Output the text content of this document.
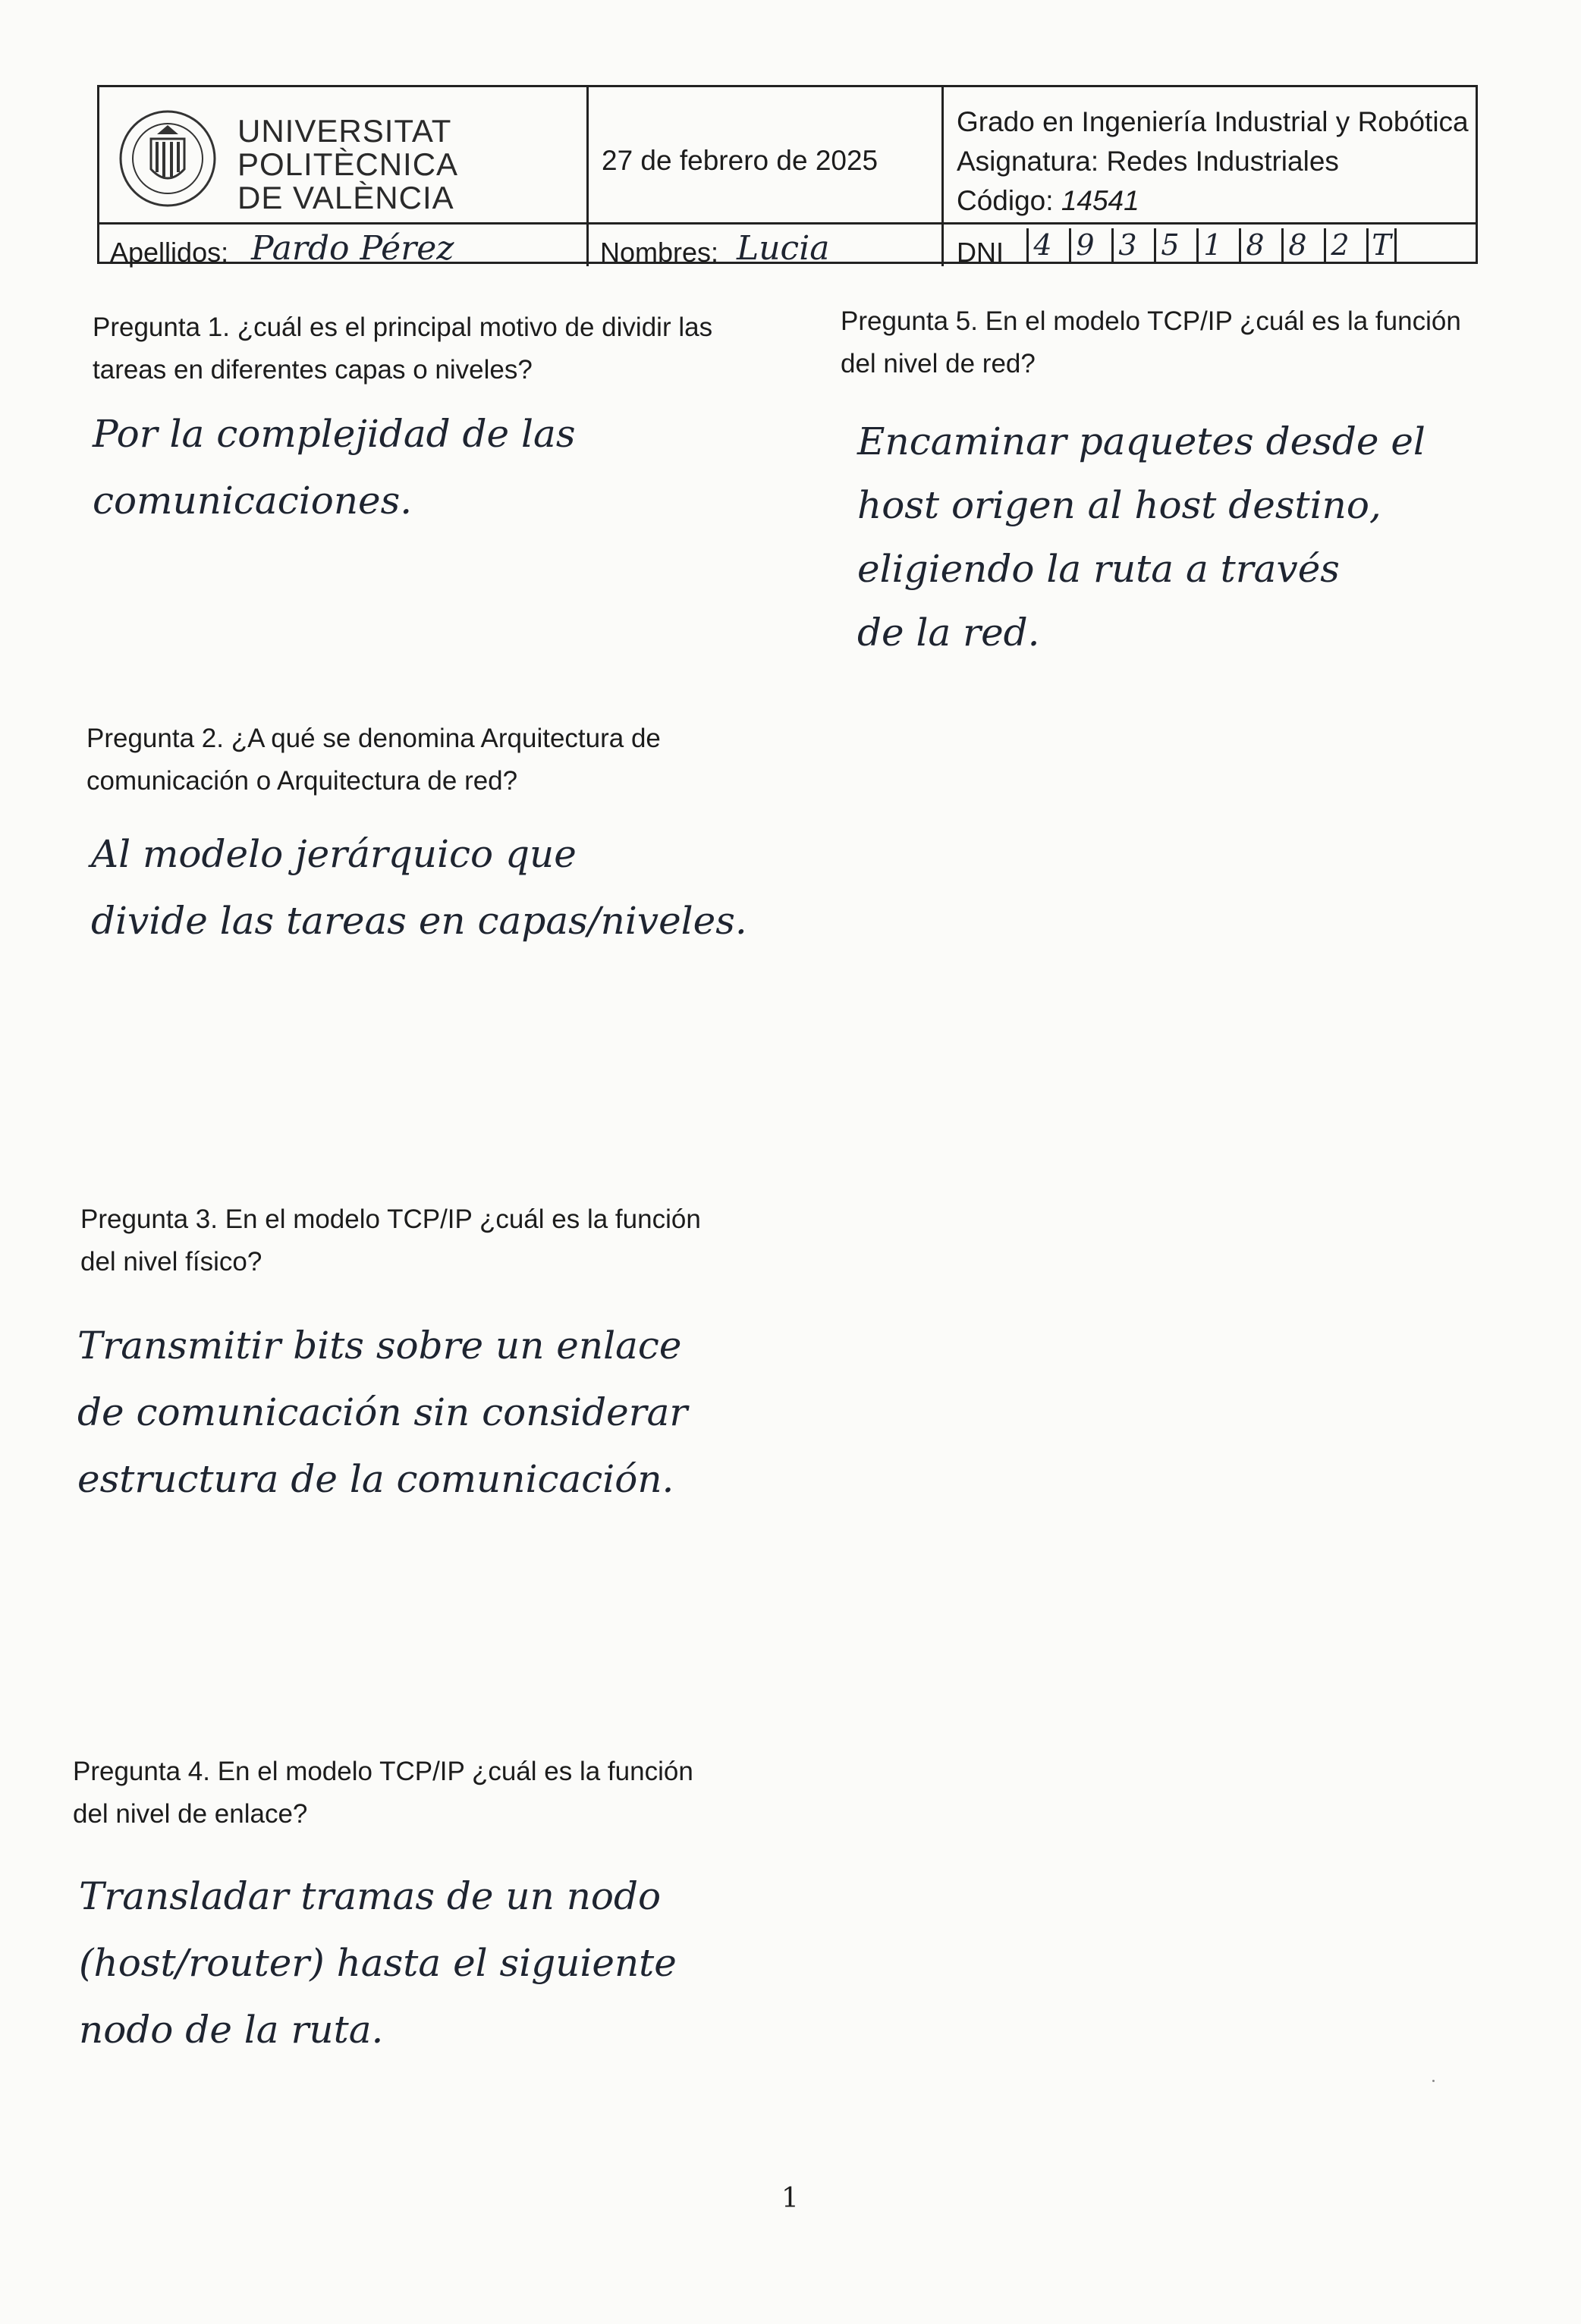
UNIVERSITAT
POLITÈCNICA
DE VALÈNCIA
27 de febrero de 2025
Grado en Ingeniería Industrial y Robótica
Asignatura: Redes Industriales
Código: 14541
Apellidos: Pardo Pérez	Nombres: Lucia	DNI 4 9 3 5 1 8 8 2 T
Pregunta 1. ¿cuál es el principal motivo de dividir las
tareas en diferentes capas o niveles?
Por la complejidad de las
comunicaciones.
Pregunta 5. En el modelo TCP/IP ¿cuál es la función
del nivel de red?
Encaminar paquetes desde el
host origen al host destino,
eligiendo la ruta a través
de la red.
Pregunta 2. ¿A qué se denomina Arquitectura de
comunicación o Arquitectura de red?
Al modelo jerárquico que
divide las tareas en capas/niveles.
Pregunta 3. En el modelo TCP/IP ¿cuál es la función
del nivel físico?
Transmitir bits sobre un enlace
de comunicación sin considerar
estructura de la comunicación.
Pregunta 4. En el modelo TCP/IP ¿cuál es la función
del nivel de enlace?
Transladar tramas de un nodo
(host/router) hasta el siguiente
nodo de la ruta.
1
